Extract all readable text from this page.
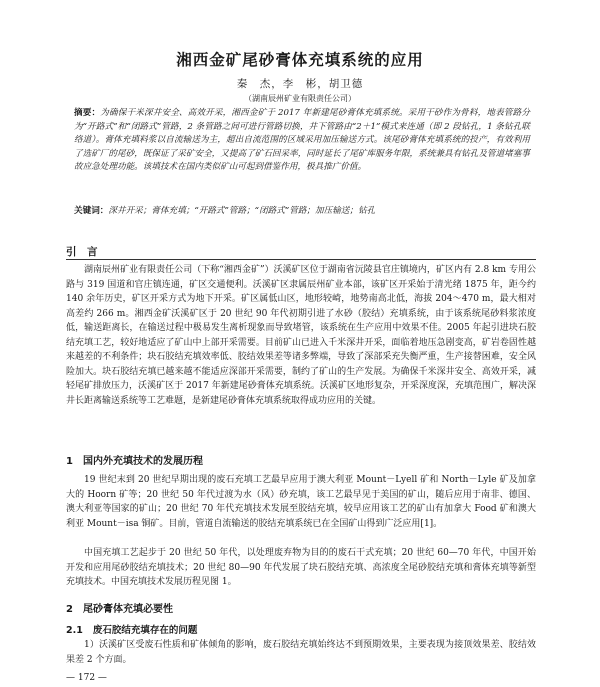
湘西金矿尾砂膏体充填系统的应用
秦　杰，李　彬，胡卫德
（湖南辰州矿业有限责任公司）
摘要：为确保干米深井安全、高效开采，湘西金矿于 2017 年新建尾砂膏体充填系统。采用干砂作为骨料，地表管路分为“开路式”和“闭路式”管路，2 条管路之间可进行管路切换，井下管路由“2＋1”模式来连通（即 2 段钻孔，1 条钻孔联络道）。膏体充填料浆以自流输送为主，超出自流范围的区域采用加压输送方式。该尾砂膏体充填系统的投产，有效利用了选矿厂的尾砂，既保证了采矿安全，又提高了矿石回采率，同时延长了尾矿库服务年限，系统兼具有钻孔及管道堵塞事故应急处理功能。该填技术在国内类似矿山可起到借鉴作用，极具推广价值。
关键词：深井开采；膏体充填；“开路式”管路；“闭路式”管路；加压输送；钻孔
引　言

湖南辰州矿业有限责任公司（下称“湘西金矿”）沃溪矿区位于湖南省沅陵县官庄镇境内，矿区内有 2.8 km 专用公路与 319 国道和官庄镇连通，矿区交通便利。沃溪矿区隶属辰州矿业本部，该矿区开采始于清光绪 1875 年，距今约 140 余年历史，矿区开采方式为地下开采。矿区属低山区，地形较崎，地势南高北低，海拔 204～470 m，最大相对高差约 266 m。湘西金矿沃溪矿区于 20 世纪 90 年代初期引进了水砂（胶结）充填系统，由于该系统尾砂料浆浓度低，输送距离长，在输送过程中极易发生离析现象而导致堵管，该系统在生产应用中效果不佳。2005 年起引进块石胶结充填工艺，较好地适应了矿山中上部开采需要。目前矿山已进入千米深井开采，面临着地压急剧变高，矿岩卷固性越来越差的不利条件；块石胶结充填效率低、胶结效果差等诸多弊端，导致了深部采充失衡严重，生产接替困难，安全风险加大。块石胶结充填已越来越不能适应深部开采需要，制约了矿山的生产发展。为确保千米深井安全、高效开采，减轻尾矿排放压力，沃溪矿区于 2017 年新建尾砂膏体充填系统。沃溪矿区地形复杂，开采深度深，充填范围广，解决深井长距离输送系统等工艺难题，是新建尾砂膏体充填系统取得成功应用的关键。

1 国内外充填技术的发展历程

19 世纪末到 20 世纪早期出现的废石充填工艺最早应用于澳大利亚 Mount－Lyell 矿和 North－Lyle 矿及加拿大的 Hoorn 矿等；20 世纪 50 年代过渡为水（风）砂充填，该工艺最早见于美国的矿山，随后应用于南非、德国、澳大利亚等国家的矿山；20 世纪 70 年代充填技术发展至胶结充填，较早应用该工艺的矿山有加拿大 Food 矿和澳大利亚 Mount－isa 铜矿。目前，管道自流输送的胶结充填系统已在全国矿山得到广泛应用[1]。

中国充填工艺起步于 20 世纪 50 年代，以处理废弃物为目的的废石干式充填；20 世纪 60—70 年代，中国开始开发和应用尾砂胶结充填技术；20 世纪 80—90 年代发展了块石胶结充填、高浓度全尾砂胶结充填和膏体充填等新型充填技术。中国充填技术发展历程见图 1。

2 尾砂膏体充填必要性
2.1 废石胶结充填存在的问题

1）沃溪矿区受废石性质和矿体倾角的影响，废石胶结充填始终达不到预期效果，主要表现为接顶效果差、胶结效果差 2 个方面。

— 172 —
